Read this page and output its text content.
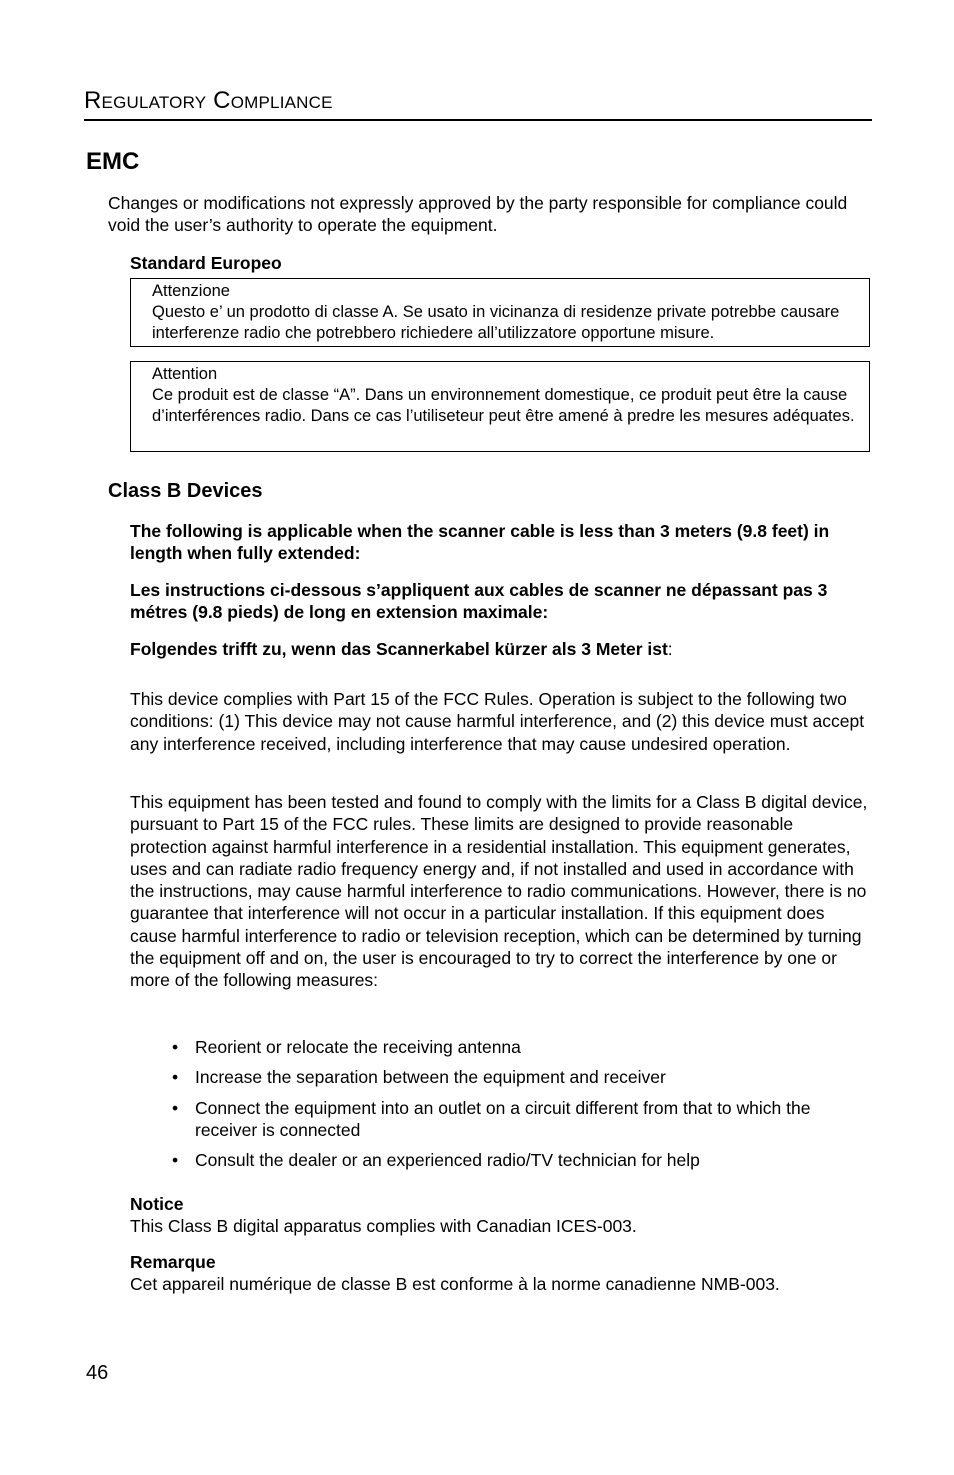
Regulatory Compliance
EMC

Changes or modifications not expressly approved by the party responsible for compliance could void the user’s authority to operate the equipment.

Standard Europeo
Attenzione
Questo e’ un prodotto di classe A. Se usato in vicinanza di residenze private potrebbe causare interferenze radio che potrebbero richiedere all’utilizzatore opportune misure.
Attention
Ce produit est de classe “A”. Dans un environnement domestique, ce produit peut être la cause d’interférences radio. Dans ce cas l’utiliseteur peut être amené à predre les mesures adéquates.
Class B Devices

The following is applicable when the scanner cable is less than 3 meters (9.8 feet) in length when fully extended:

Les instructions ci-dessous s’appliquent aux cables de scanner ne dépassant pas 3 métres (9.8 pieds) de long en extension maximale:

Folgendes trifft zu, wenn das Scannerkabel kürzer als 3 Meter ist:

This device complies with Part 15 of the FCC Rules. Operation is subject to the following two conditions: (1) This device may not cause harmful interference, and (2) this device must accept any interference received, including interference that may cause undesired operation.

This equipment has been tested and found to comply with the limits for a Class B digital device, pursuant to Part 15 of the FCC rules. These limits are designed to provide reasonable protection against harmful interference in a residential installation. This equipment generates, uses and can radiate radio frequency energy and, if not installed and used in accordance with the instructions, may cause harmful interference to radio communications. However, there is no guarantee that interference will not occur in a particular installation. If this equipment does cause harmful interference to radio or television reception, which can be determined by turning the equipment off and on, the user is encouraged to try to correct the interference by one or more of the following measures:

• Reorient or relocate the receiving antenna
• Increase the separation between the equipment and receiver
• Connect the equipment into an outlet on a circuit different from that to which the receiver is connected
• Consult the dealer or an experienced radio/TV technician for help
Notice
This Class B digital apparatus complies with Canadian ICES-003.
Remarque
Cet appareil numérique de classe B est conforme à la norme canadienne NMB-003.
46
